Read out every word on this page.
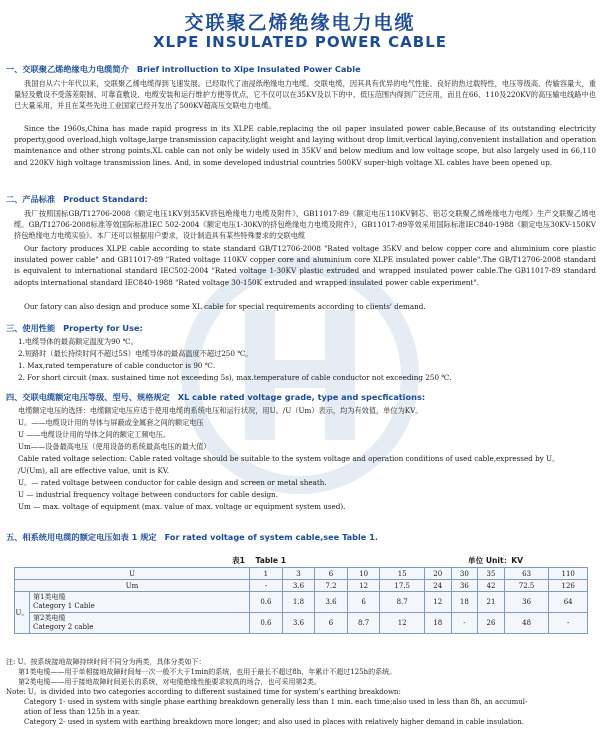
交联聚乙烯绝缘电力电缆
XLPE INSULATED POWER CABLE
一、交联聚乙烯绝缘电力电缆简介 Brief introlluction to Xlpe Insulated Power Cable
我国自从六十年代以来，交联聚乙烯电缆得到飞速发展。已经取代了油浸纸绝缘电力电缆。交联电缆，因其具有优异的电气性能、良好的热过载特性，电压等级高、传输容量大，重量轻及敷设不受落差限制、可靠直敷设、电缆安装和运行维护方便等优点，它不仅可以在35KV及以下的中、低压范围内得到广泛应用，而且在66、110及220KV的高压输电线路中也已大量采用，并且在某些先进工业国家已经开发出了500KV超高压交联电力电缆。
Since the 1960s,China has made rapid progress in its XLPE cable,replacing the oil paper insulated power cable,Because of its outstanding electricity property,good overload,high voltage,large transmission capacity,light weight and laying without drop limit,vertical laying,convenient installation and operation maintenance and other strong points,XL cable can not only be widely used in 35KV and below medium and low voltage scope, but also largely used in 66,110 and 220KV high voltage transmission lines. And, in some developed industrial countries 500KV super-high voltage XL cables have been opened up.
二、产品标准 Product Standard:
我厂按照国标GB/T12706-2008《额定电压1KV到35KV挤包绝缘电力电缆及附件》，GB11017-89《额定电压110KV铜芯、铝芯交联聚乙烯绝缘电力电缆》生产交联聚乙烯电缆。GB/T12706-2008标准等效国际标准IEC 502-2004《额定电压1-30KV的挤包绝缘电力电缆及附件》，GB11017-89等效采用国际标准IEC840-1988《额定电压30KV-150KV挤包绝缘电力电缆实验》。本厂还可以根据用户要求，设计制造具有某些特殊要求的交联电缆
Our factory produces XLPE cable according to state standard GB/T12706-2008 "Rated voltage 35KV and below copper core and aluminium core plastic insulated power cable" and GB11017-89 "Rated voltage 110KV copper core and aluminium core XLPE insulated power cable".The GB/T12706-2008 standard is equivalent to international standard IEC502-2004 "Rated voltage 1-30KV plastic extruded and wrapped insulated power cable.The GB11017-89 standard adopts international standard IEC840-1988 "Rated voltage 30-150K extruded and wrapped insulated power cable experiment".
Our fatory can also design and produce some XL cable for special requirements according to clients' demand.
三、使用性能 Property for Use:
1.电缆导体的最高额定温度为90 ℃。
2.短路时（最长持续时间不超过5S）电缆导体的最高温度不超过250 ℃。
1. Max,rated temperature of cable conductor is 90 ℃.
2. For short circuit (max. sustained time not exceeding 5s), max.temperature of cable conductor not exceeding 250 ℃.
四、交联电缆额定电压等级、型号、规格规定 XL cable rated voltage grade, type and specfications:
电缆额定电压的选择：电缆额定电压应适于使用电缆的系统电压和运行状况，用U。/U（Um）表示，均为有效值，单位为KV。
U。——电缆设计用的导体与屏蔽或金属套之间的额定电压
U ——电缆设计用的导体之间的额定工频电压。
Um——设备最高电压（使用设备的系统最高电压的最大值）
Cable rated voltage selection: Cable rated voltage should be suitable to the system voltage and operation conditions of used cable,expressed by U。
/U(Um), all are effective value, unit is KV.
U。— rated voltage between conductor for cable design and screen or metal sheath.
U — industrial frequency voltage between conductors for cable design.
Um — max. voltage of equipment (max. value of max. voltage or equipment system used).
五、相系统用电缆的额定电压如表 1 规定 For rated voltage of system cable,see Table 1.
表1 Table 1	单位 Unit：KV
U		1	3	6	10	15	20	30	35	63	110
Um		-	3.6	7.2	12	17.5	24	36	42	72.5	126
U。	第1类电缆
Category 1 Cable	0.6	1.8	3.6	6	8.7	12	18	21	36	64
	第2类电缆
Category 2 cable	0.6	3.6	6	8.7	12	18	-	26	48	-
注: U。按系统接地故障持续时间不同分为两类，具体分类如下：
第1类电缆——用于单相接地故障时间每一次一般不大于1min的系统，也用于最长不超过8h，年累计不超过125h的系统。
第2类电缆——用于接地故障时间更长的系统，对电缆绝缘性能要求较高的场合，也可采用第2类。
Note: U。is divided into two categories according to different sustained time for system's earthing breakdown:
Category 1- used in system with single phase earthing breakdown generally less than 1 min. each time;also used in less than 8h, an accumul-
ation of less than 125h in a year.
Category 2- used in system with earthing breakdown more longer; and also used in places with relatively higher demand in cable insulation.
